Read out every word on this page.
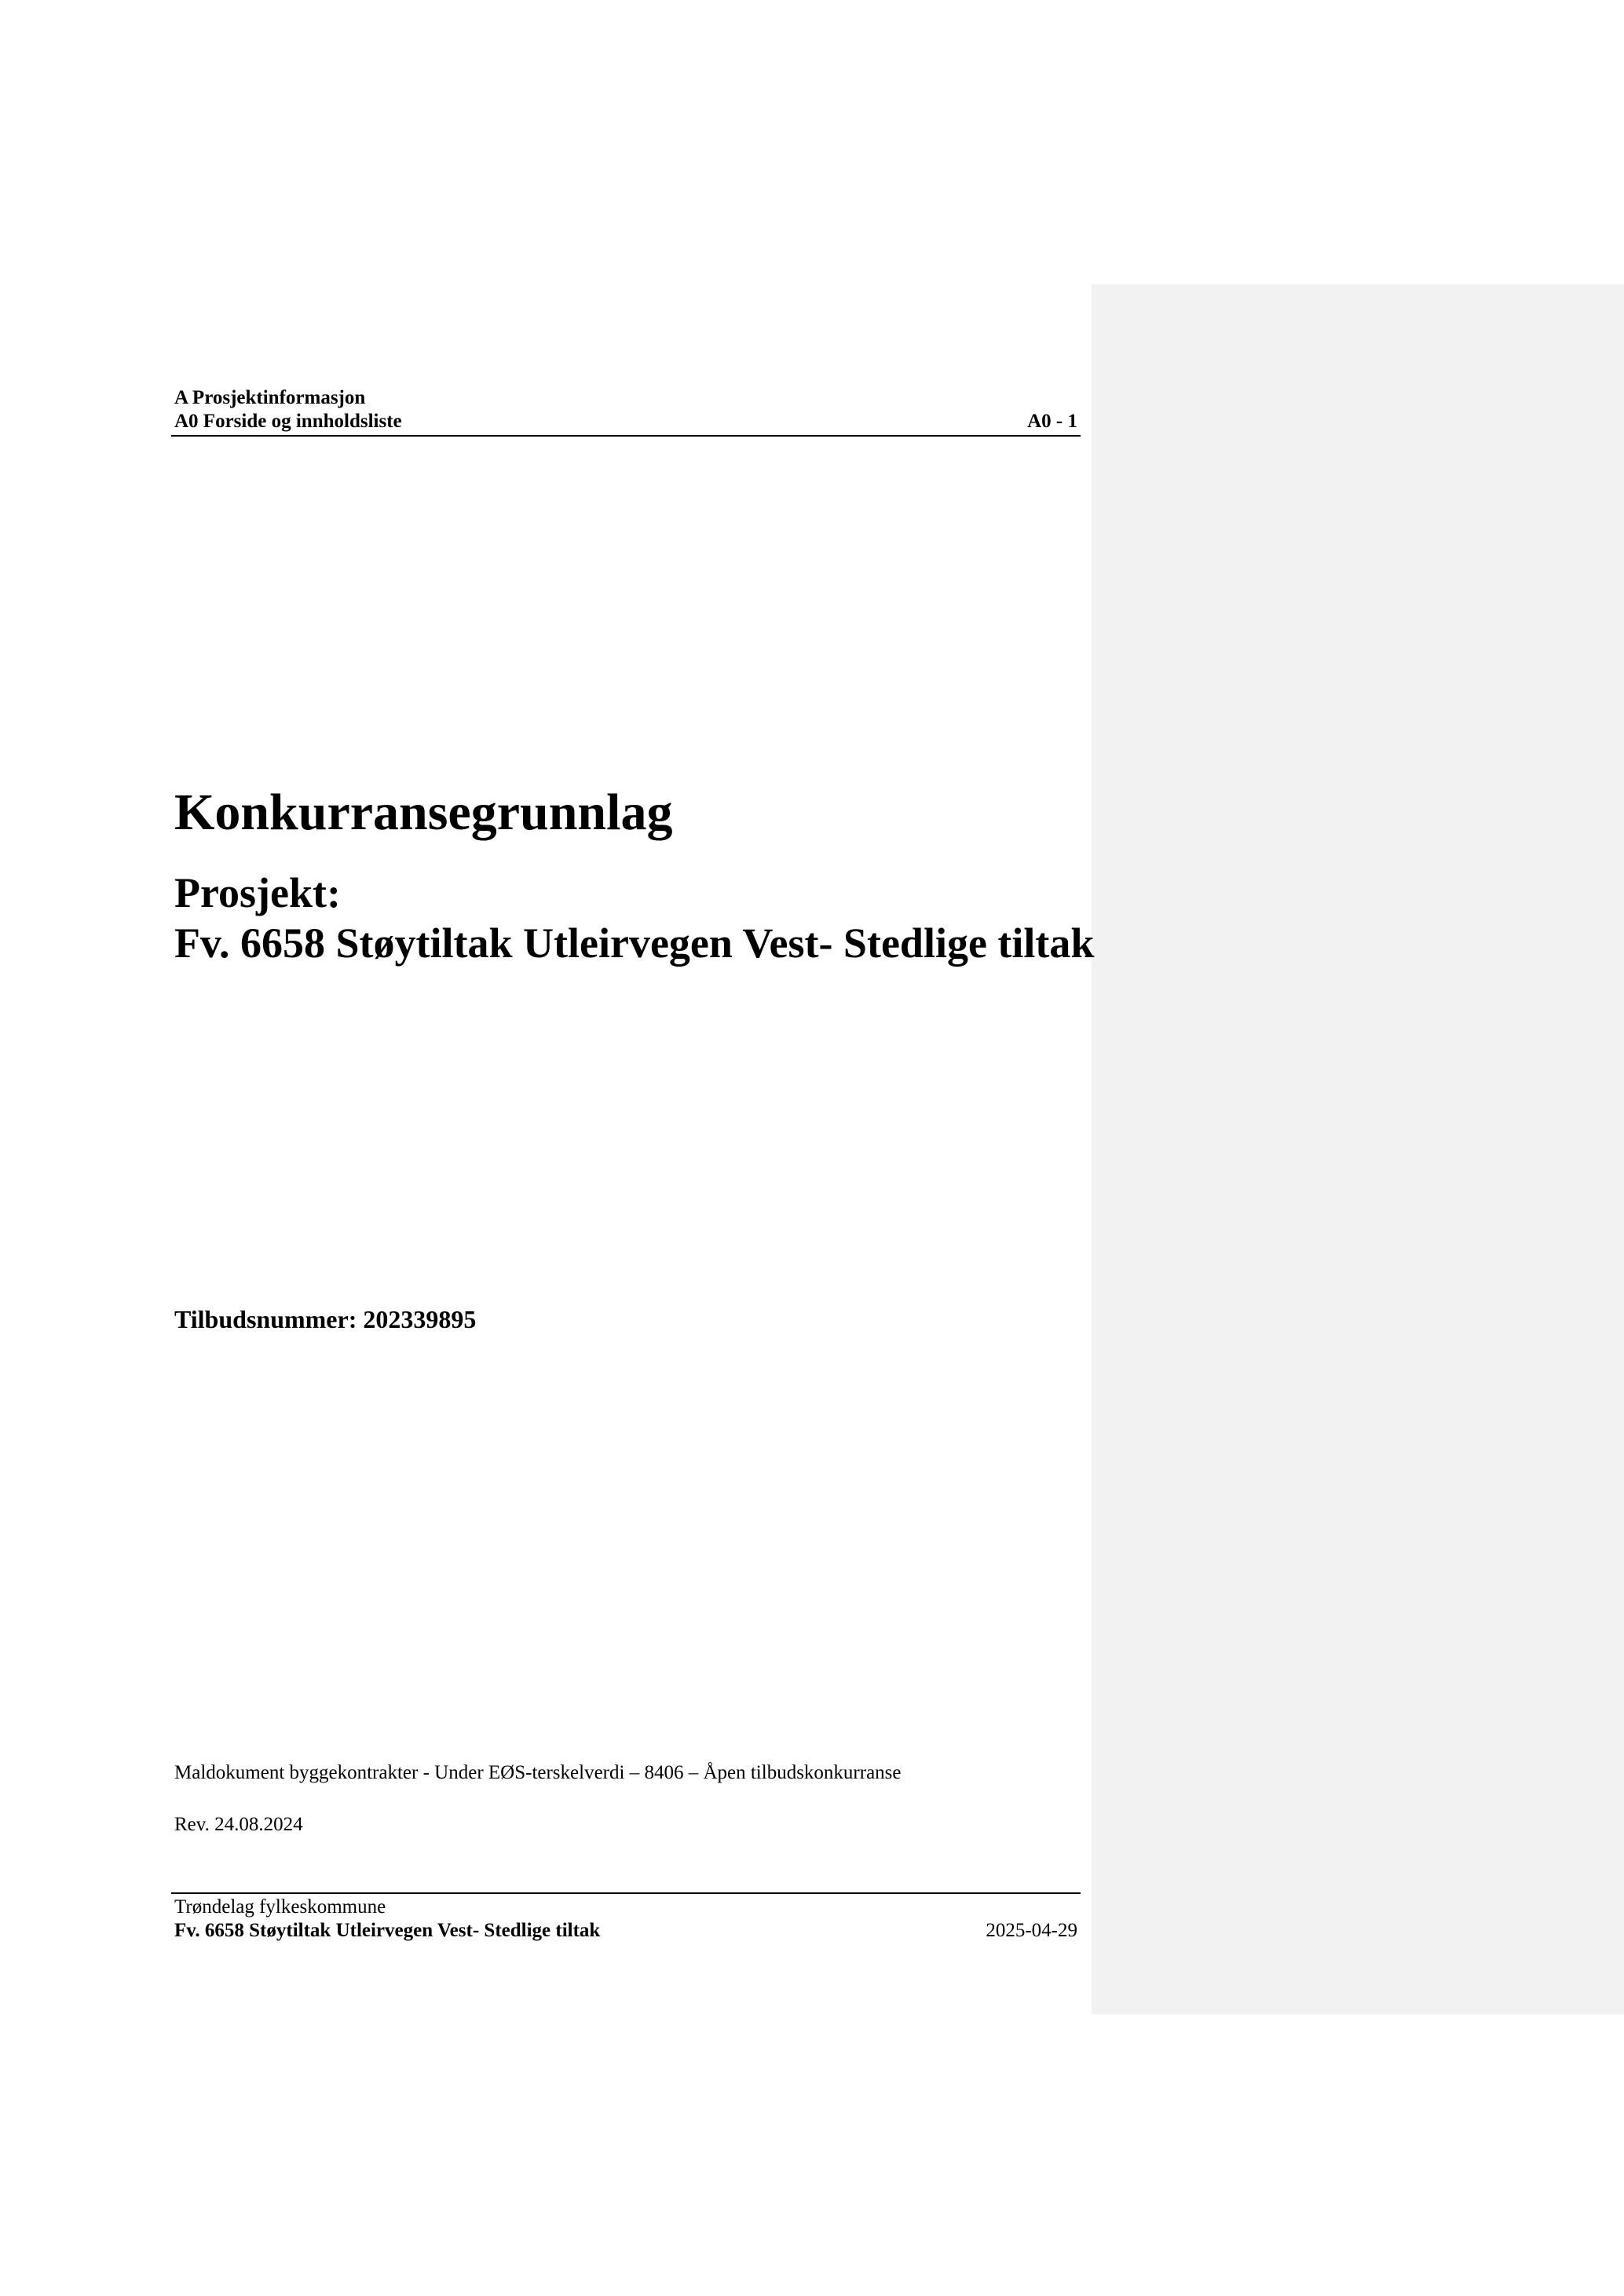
A Prosjektinformasjon
A0 Forside og innholdsliste	A0 - 1
Konkurransegrunnlag
Prosjekt:
Fv. 6658 Støytiltak Utleirvegen Vest- Stedlige tiltak
Tilbudsnummer: 202339895
Maldokument byggekontrakter - Under EØS-terskelverdi – 8406 – Åpen tilbudskonkurranse
Rev. 24.08.2024
Trøndelag fylkeskommune
Fv. 6658 Støytiltak Utleirvegen Vest- Stedlige tiltak	2025-04-29
